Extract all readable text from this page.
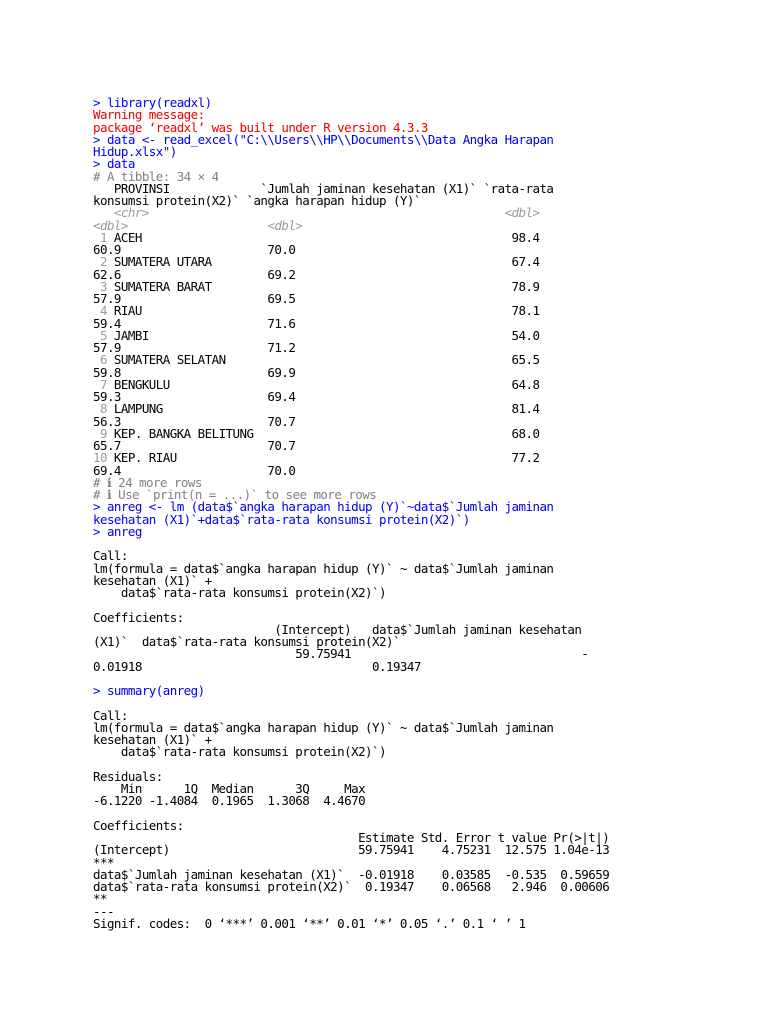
> library(readxl)
Warning message:
package ‘readxl’ was built under R version 4.3.3
> data <- read_excel("C:\\Users\\HP\\Documents\\Data Angka Harapan
Hidup.xlsx")
> data
# A tibble: 34 × 4
PROVINSI             `Jumlah jaminan kesehatan (X1)` `rata-rata
konsumsi protein(X2)` `angka harapan hidup (Y)`
<chr>                                                   <dbl>
<dbl>                    <dbl>
1 ACEH                                                     98.4
60.9                     70.0
2 SUMATERA UTARA                                           67.4
62.6                     69.2
3 SUMATERA BARAT                                           78.9
57.9                     69.5
4 RIAU                                                     78.1
59.4                     71.6
5 JAMBI                                                    54.0
57.9                     71.2
6 SUMATERA SELATAN                                         65.5
59.8                     69.9
7 BENGKULU                                                 64.8
59.3                     69.4
8 LAMPUNG                                                  81.4
56.3                     70.7
9 KEP. BANGKA BELITUNG                                     68.0
65.7                     70.7
10 KEP. RIAU                                                77.2
69.4                     70.0
# ℹ 24 more rows
# ℹ Use `print(n = ...)` to see more rows
> anreg <- lm (data$`angka harapan hidup (Y)`~data$`Jumlah jaminan
kesehatan (X1)`+data$`rata-rata konsumsi protein(X2)`)
> anreg
Call:
lm(formula = data$`angka harapan hidup (Y)` ~ data$`Jumlah jaminan
kesehatan (X1)` +
data$`rata-rata konsumsi protein(X2)`)
Coefficients:
(Intercept)   data$`Jumlah jaminan kesehatan
(X1)`  data$`rata-rata konsumsi protein(X2)`
59.75941                                 -
0.01918                                 0.19347
> summary(anreg)
Call:
lm(formula = data$`angka harapan hidup (Y)` ~ data$`Jumlah jaminan
kesehatan (X1)` +
data$`rata-rata konsumsi protein(X2)`)
Residuals:
Min      1Q  Median      3Q     Max
-6.1220 -1.4084  0.1965  1.3068  4.4670
Coefficients:
Estimate Std. Error t value Pr(>|t|)
(Intercept)                           59.75941    4.75231  12.575 1.04e-13
***
data$`Jumlah jaminan kesehatan (X1)`  -0.01918    0.03585  -0.535  0.59659
data$`rata-rata konsumsi protein(X2)`  0.19347    0.06568   2.946  0.00606
**
---
Signif. codes:  0 ‘***’ 0.001 ‘**’ 0.01 ‘*’ 0.05 ‘.’ 0.1 ‘ ’ 1
